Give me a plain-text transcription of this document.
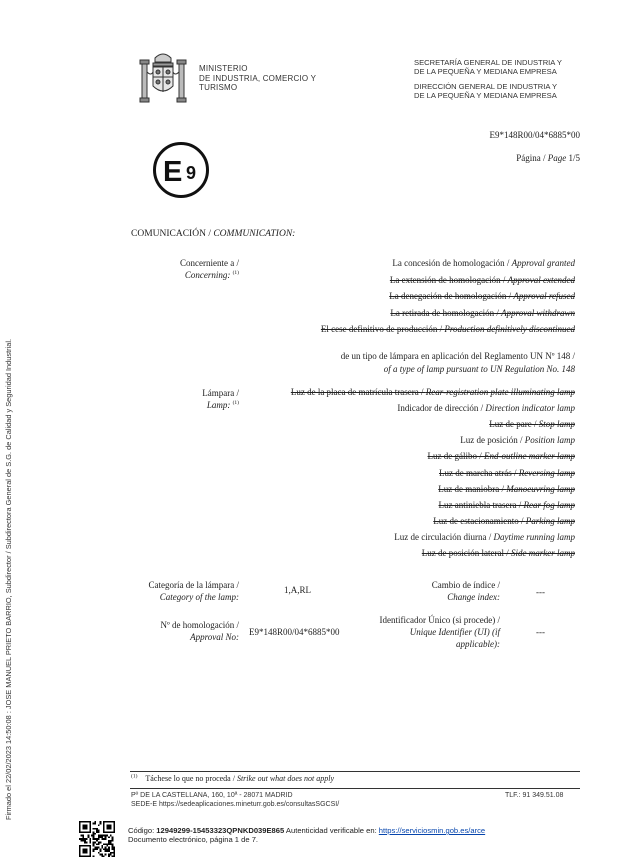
Firmado el 22/02/2023 14:50:08 : JOSE MANUEL PRIETO BARRIO, Subdirector / Subdirectora General de S.G. de Calidad y Seguridad Industrial.
MINISTERIO
DE INDUSTRIA, COMERCIO Y
TURISMO
SECRETARÍA GENERAL DE INDUSTRIA Y
DE LA PEQUEÑA Y MEDIANA EMPRESA
DIRECCIÓN GENERAL DE INDUSTRIA Y
DE LA PEQUEÑA Y MEDIANA EMPRESA
E9*148R00/04*6885*00
Página / Page 1/5
E 9
COMUNICACIÓN / COMMUNICATION:
Concerniente a /
Concerning: $^{(1)}$
La concesión de homologación / Approval granted
La extensión de homologación / Approval extended
La denegación de homologación / Approval refused
La retirada de homologación / Approval withdrawn
El cese definitivo de producción / Production definitively discontinued
de un tipo de lámpara en aplicación del Reglamento UN Nº 148 /
of a type of lamp pursuant to UN Regulation No. 148
Lámpara /
Lamp: $^{(1)}$
Luz de la placa de matrícula trasera / Rear-registration plate illuminating lamp
Indicador de dirección / Direction indicator lamp
Luz de pare / Stop lamp
Luz de posición / Position lamp
Luz de gálibo / End-outline marker lamp
Luz de marcha atrás / Reversing lamp
Luz de maniobra / Manoeuvring lamp
Luz antiniebla trasera / Rear fog lamp
Luz de estacionamiento / Parking lamp
Luz de circulación diurna / Daytime running lamp
Luz de posición lateral / Side marker lamp
Categoría de la lámpara /
Category of the lamp:
1,A,RL	Cambio de índice /
Change index:	---
Nº de homologación /
Approval No: E9*148R00/04*6885*00
Identificador Único (si procede) /
Unique Identifier (UI) (if
applicable):
---
$^{(1)}$ Táchese lo que no proceda / Strike out what does not apply
Pº DE LA CASTELLANA, 160, 10ª - 28071 MADRID
SEDE-E https://sedeaplicaciones.mineturr.gob.es/consultasSGCSI/
TLF.: 91 349.51.08
Código: 12949299-15453323QPNKD039E865 Autenticidad verificable en: https://serviciosmin.gob.es/arce
Documento electrónico, página 1 de 7.
